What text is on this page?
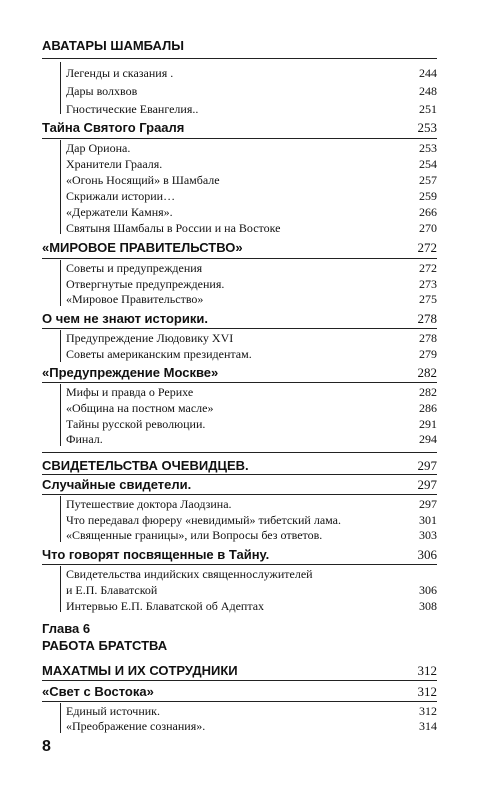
АВАТАРЫ ШАМБАЛЫ
Легенды и сказания .	244
Дары волхвов	248
Гностические Евангелия..	251
Тайна Святого Грааля	253
Дар Ориона.	253
Хранители Грааля.	254
«Огонь Носящий» в Шамбале	257
Скрижали истории…	259
«Держатели Камня».	266
Святыня Шамбалы в России и на Востоке	270
«МИРОВОЕ ПРАВИТЕЛЬСТВО»	272
Советы и предупреждения	272
Отвергнутые предупреждения.	273
«Мировое Правительство»	275
О чем не знают историки.	278
Предупреждение Людовику XVI	278
Советы американским президентам.	279
«Предупреждение Москве»	282
Мифы и правда о Рерихе	282
«Община на постном масле»	286
Тайны русской революции.	291
Финал.	294
СВИДЕТЕЛЬСТВА ОЧЕВИДЦЕВ.	297
Случайные свидетели.	297
Путешествие доктора Лаодзина.	297
Что передавал фюреру «невидимый» тибетский лама.	301
«Священные границы», или Вопросы без ответов.	303
Что говорят посвященные в Тайну.	306
Свидетельства индийских священнослужителей
и Е.П. Блаватской	306
Интервью Е.П. Блаватской об Адептах	308
Глава 6
РАБОТА БРАТСТВА
МАХАТМЫ И ИХ СОТРУДНИКИ	312
«Свет с Востока»	312
Единый источник.	312
«Преображение сознания».	314
8
